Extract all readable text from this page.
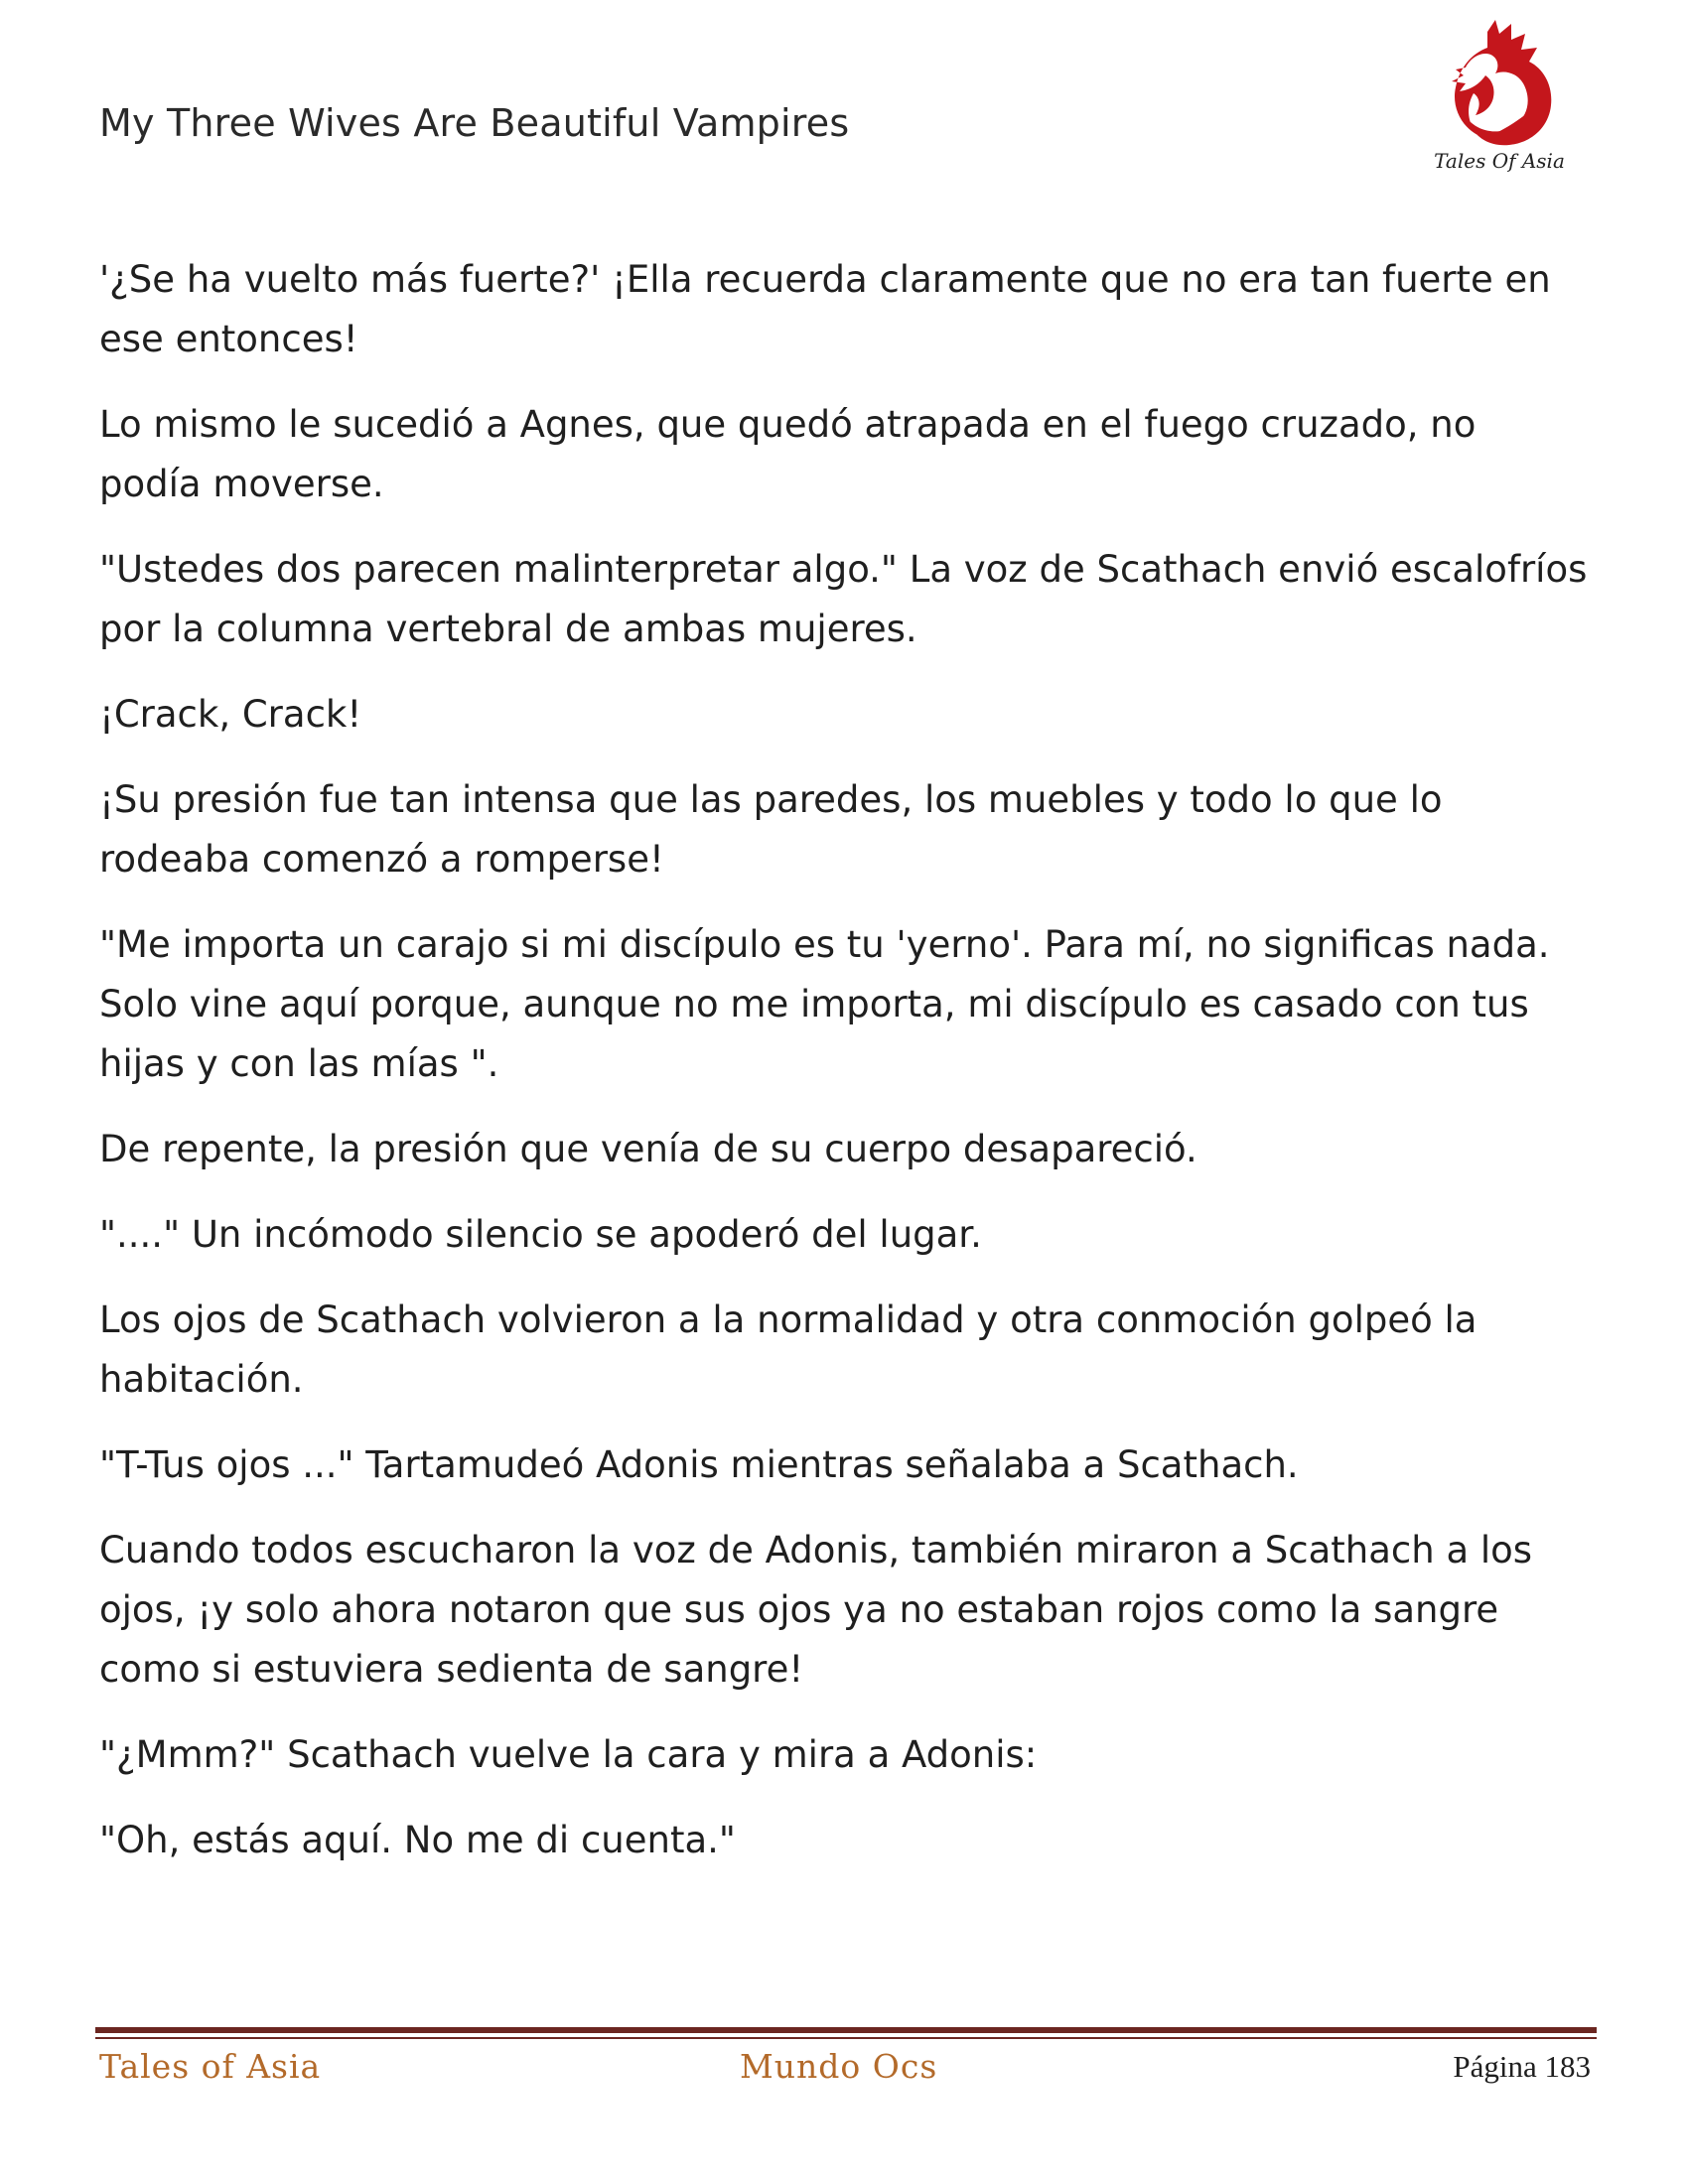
My Three Wives Are Beautiful Vampires
Tales Of Asia

'¿Se ha vuelto más fuerte?' ¡Ella recuerda claramente que no era tan fuerte en ese entonces!

Lo mismo le sucedió a Agnes, que quedó atrapada en el fuego cruzado, no podía moverse.

"Ustedes dos parecen malinterpretar algo." La voz de Scathach envió escalofríos por la columna vertebral de ambas mujeres.

¡Crack, Crack!

¡Su presión fue tan intensa que las paredes, los muebles y todo lo que lo rodeaba comenzó a romperse!

"Me importa un carajo si mi discípulo es tu 'yerno'. Para mí, no significas nada. Solo vine aquí porque, aunque no me importa, mi discípulo es casado con tus hijas y con las mías ".

De repente, la presión que venía de su cuerpo desapareció.

"...." Un incómodo silencio se apoderó del lugar.

Los ojos de Scathach volvieron a la normalidad y otra conmoción golpeó la habitación.

"T-Tus ojos ..." Tartamudeó Adonis mientras señalaba a Scathach.

Cuando todos escucharon la voz de Adonis, también miraron a Scathach a los ojos, ¡y solo ahora notaron que sus ojos ya no estaban rojos como la sangre como si estuviera sedienta de sangre!

"¿Mmm?" Scathach vuelve la cara y mira a Adonis:

"Oh, estás aquí. No me di cuenta."

Tales of Asia	Mundo Ocs	Página 183
